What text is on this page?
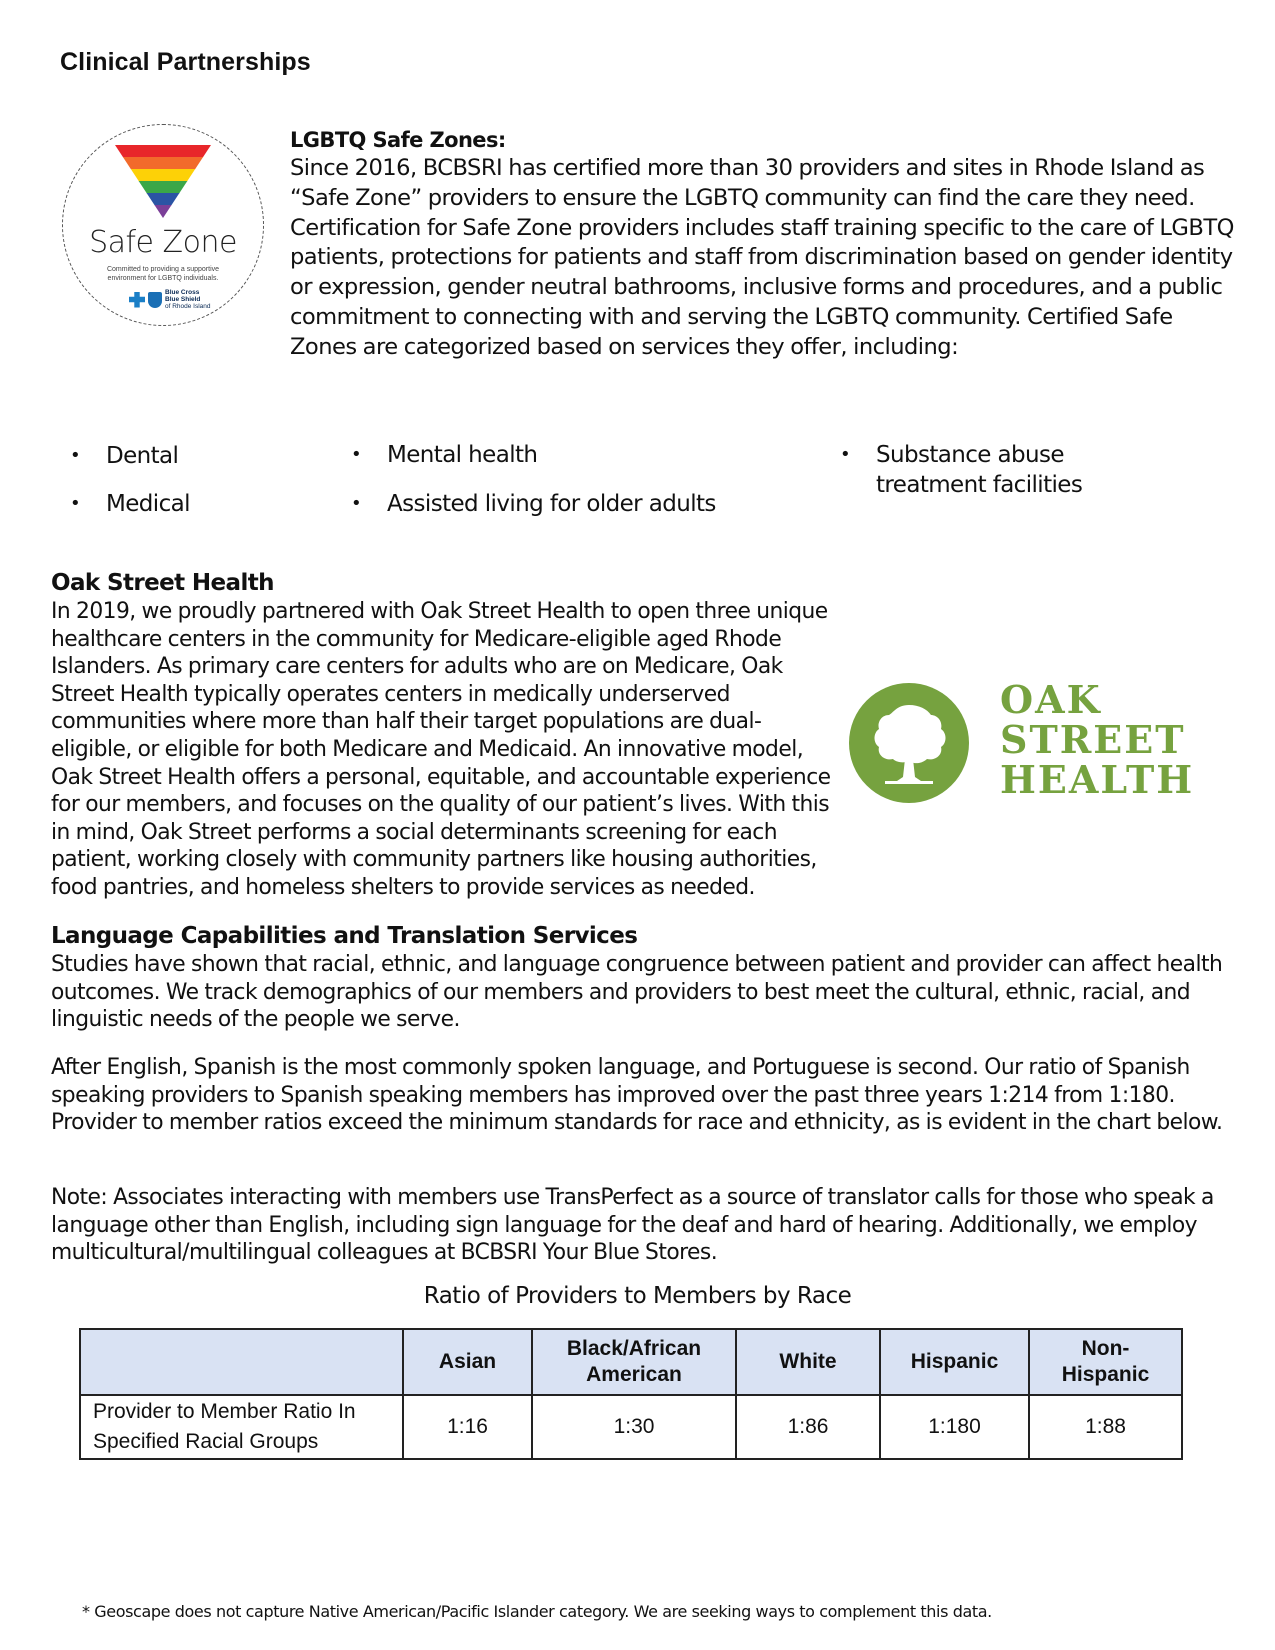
Clinical Partnerships
Safe Zone
Committed to providing a supportive
environment for LGBTQ individuals.
Blue Cross
Blue Shield
of Rhode Island
LGBTQ Safe Zones:
Since 2016, BCBSRI has certified more than 30 providers and sites in Rhode Island as “Safe Zone” providers to ensure the LGBTQ community can find the care they need. Certification for Safe Zone providers includes staff training specific to the care of LGBTQ patients, protections for patients and staff from discrimination based on gender identity or expression, gender neutral bathrooms, inclusive forms and procedures, and a public commitment to connecting with and serving the LGBTQ community. Certified Safe Zones are categorized based on services they offer, including:
•	Dental
•	Medical
•	Mental health
•	Assisted living for older adults
•	Substance abuse treatment facilities
Oak Street Health
In 2019, we proudly partnered with Oak Street Health to open three unique healthcare centers in the community for Medicare-eligible aged Rhode Islanders. As primary care centers for adults who are on Medicare, Oak Street Health typically operates centers in medically underserved communities where more than half their target populations are dual-eligible, or eligible for both Medicare and Medicaid. An innovative model, Oak Street Health offers a personal, equitable, and accountable experience for our members, and focuses on the quality of our patient’s lives. With this in mind, Oak Street performs a social determinants screening for each patient, working closely with community partners like housing authorities, food pantries, and homeless shelters to provide services as needed.
OAK
STREET
HEALTH
Language Capabilities and Translation Services
Studies have shown that racial, ethnic, and language congruence between patient and provider can affect health outcomes. We track demographics of our members and providers to best meet the cultural, ethnic, racial, and linguistic needs of the people we serve.
After English, Spanish is the most commonly spoken language, and Portuguese is second. Our ratio of Spanish speaking providers to Spanish speaking members has improved over the past three years 1:214 from 1:180. Provider to member ratios exceed the minimum standards for race and ethnicity, as is evident in the chart below.
Note: Associates interacting with members use TransPerfect as a source of translator calls for those who speak a language other than English, including sign language for the deaf and hard of hearing. Additionally, we employ multicultural/multilingual colleagues at BCBSRI Your Blue Stores.
Ratio of Providers to Members by Race
	Asian	Black/African American	White	Hispanic	Non-Hispanic

Provider to Member Ratio In Specified Racial Groups	1:16	1:30	1:86	1:180	1:88
* Geoscape does not capture Native American/Pacific Islander category. We are seeking ways to complement this data.
